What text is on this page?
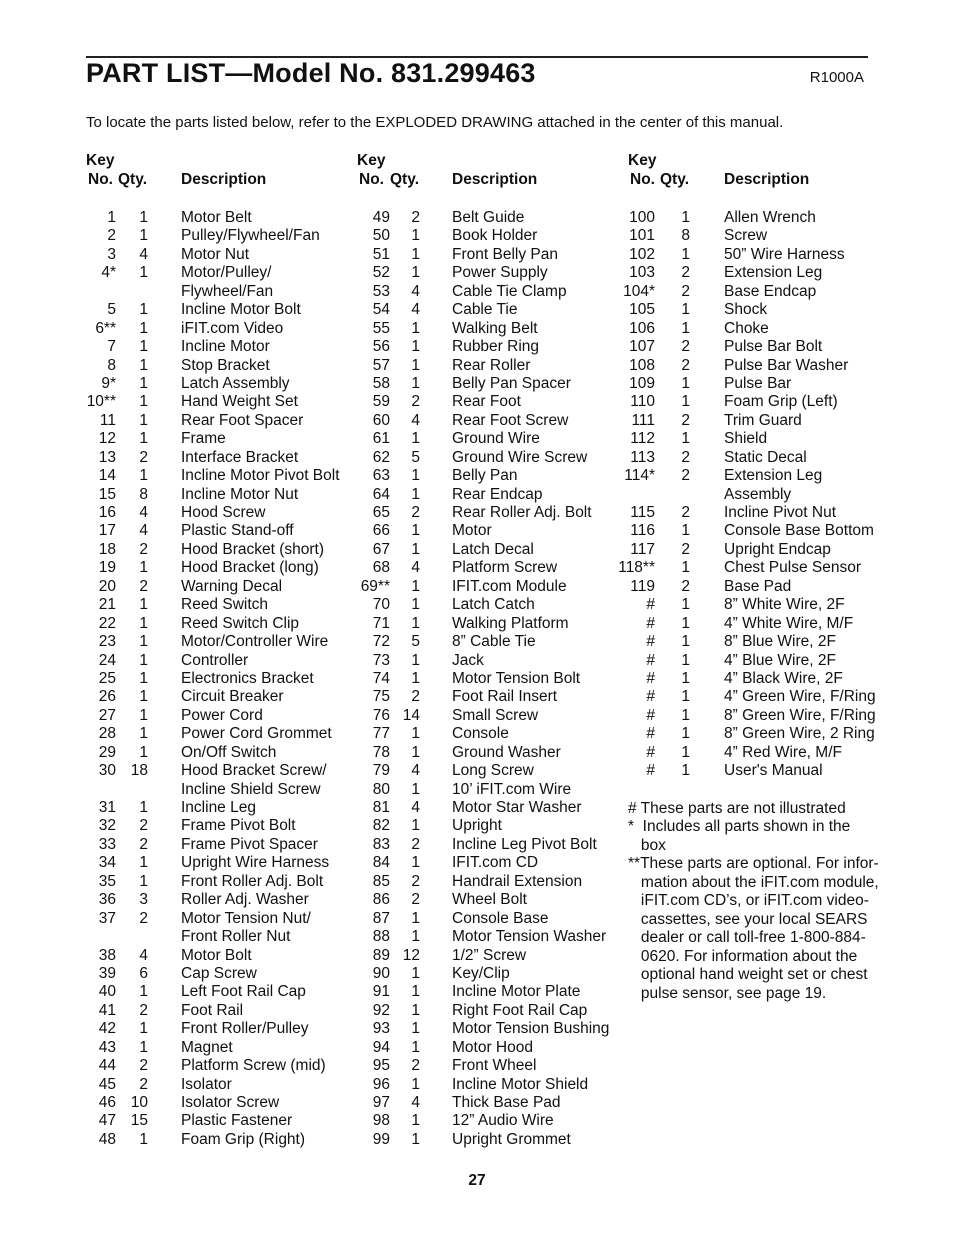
PART LIST—Model No. 831.299463	R1000A
To locate the parts listed below, refer to the EXPLODED DRAWING attached in the center of this manual.
Key
No. Qty. Description
1 1 Motor Belt
2 1 Pulley/Flywheel/Fan
3 4 Motor Nut
4* 1 Motor/Pulley/
Flywheel/Fan
5 1 Incline Motor Bolt
6** 1 iFIT.com Video
7 1 Incline Motor
8 1 Stop Bracket
9* 1 Latch Assembly
10** 1 Hand Weight Set
11 1 Rear Foot Spacer
12 1 Frame
13 2 Interface Bracket
14 1 Incline Motor Pivot Bolt
15 8 Incline Motor Nut
16 4 Hood Screw
17 4 Plastic Stand-off
18 2 Hood Bracket (short)
19 1 Hood Bracket (long)
20 2 Warning Decal
21 1 Reed Switch
22 1 Reed Switch Clip
23 1 Motor/Controller Wire
24 1 Controller
25 1 Electronics Bracket
26 1 Circuit Breaker
27 1 Power Cord
28 1 Power Cord Grommet
29 1 On/Off Switch
30 18 Hood Bracket Screw/
Incline Shield Screw
31 1 Incline Leg
32 2 Frame Pivot Bolt
33 2 Frame Pivot Spacer
34 1 Upright Wire Harness
35 1 Front Roller Adj. Bolt
36 3 Roller Adj. Washer
37 2 Motor Tension Nut/
Front Roller Nut
38 4 Motor Bolt
39 6 Cap Screw
40 1 Left Foot Rail Cap
41 2 Foot Rail
42 1 Front Roller/Pulley
43 1 Magnet
44 2 Platform Screw (mid)
45 2 Isolator
46 10 Isolator Screw
47 15 Plastic Fastener
48 1 Foam Grip (Right)
Key
No. Qty. Description
49 2 Belt Guide
50 1 Book Holder
51 1 Front Belly Pan
52 1 Power Supply
53 4 Cable Tie Clamp
54 4 Cable Tie
55 1 Walking Belt
56 1 Rubber Ring
57 1 Rear Roller
58 1 Belly Pan Spacer
59 2 Rear Foot
60 4 Rear Foot Screw
61 1 Ground Wire
62 5 Ground Wire Screw
63 1 Belly Pan
64 1 Rear Endcap
65 2 Rear Roller Adj. Bolt
66 1 Motor
67 1 Latch Decal
68 4 Platform Screw
69** 1 IFIT.com Module
70 1 Latch Catch
71 1 Walking Platform
72 5 8” Cable Tie
73 1 Jack
74 1 Motor Tension Bolt
75 2 Foot Rail Insert
76 14 Small Screw
77 1 Console
78 1 Ground Washer
79 4 Long Screw
80 1 10’ iFIT.com Wire
81 4 Motor Star Washer
82 1 Upright
83 2 Incline Leg Pivot Bolt
84 1 IFIT.com CD
85 2 Handrail Extension
86 2 Wheel Bolt
87 1 Console Base
88 1 Motor Tension Washer
89 12 1/2” Screw
90 1 Key/Clip
91 1 Incline Motor Plate
92 1 Right Foot Rail Cap
93 1 Motor Tension Bushing
94 1 Motor Hood
95 2 Front Wheel
96 1 Incline Motor Shield
97 4 Thick Base Pad
98 1 12” Audio Wire
99 1 Upright Grommet
Key
No. Qty. Description
100 1 Allen Wrench
101 8 Screw
102 1 50” Wire Harness
103 2 Extension Leg
104* 2 Base Endcap
105 1 Shock
106 1 Choke
107 2 Pulse Bar Bolt
108 2 Pulse Bar Washer
109 1 Pulse Bar
110 1 Foam Grip (Left)
111 2 Trim Guard
112 1 Shield
113 2 Static Decal
114* 2 Extension Leg
Assembly
115 2 Incline Pivot Nut
116 1 Console Base Bottom
117 2 Upright Endcap
118** 1 Chest Pulse Sensor
119 2 Base Pad
# 1 8” White Wire, 2F
# 1 4” White Wire, M/F
# 1 8” Blue Wire, 2F
# 1 4” Blue Wire, 2F
# 1 4” Black Wire, 2F
# 1 4” Green Wire, F/Ring
# 1 8” Green Wire, F/Ring
# 1 8” Green Wire, 2 Ring
# 1 4” Red Wire, M/F
# 1 User's Manual
# These parts are not illustrated
*  Includes all parts shown in the
box
**These parts are optional. For infor-
mation about the iFIT.com module,
iFIT.com CD’s, or iFIT.com video-
cassettes, see your local SEARS
dealer or call toll-free 1-800-884-
0620. For information about the
optional hand weight set or chest
pulse sensor, see page 19.
27
